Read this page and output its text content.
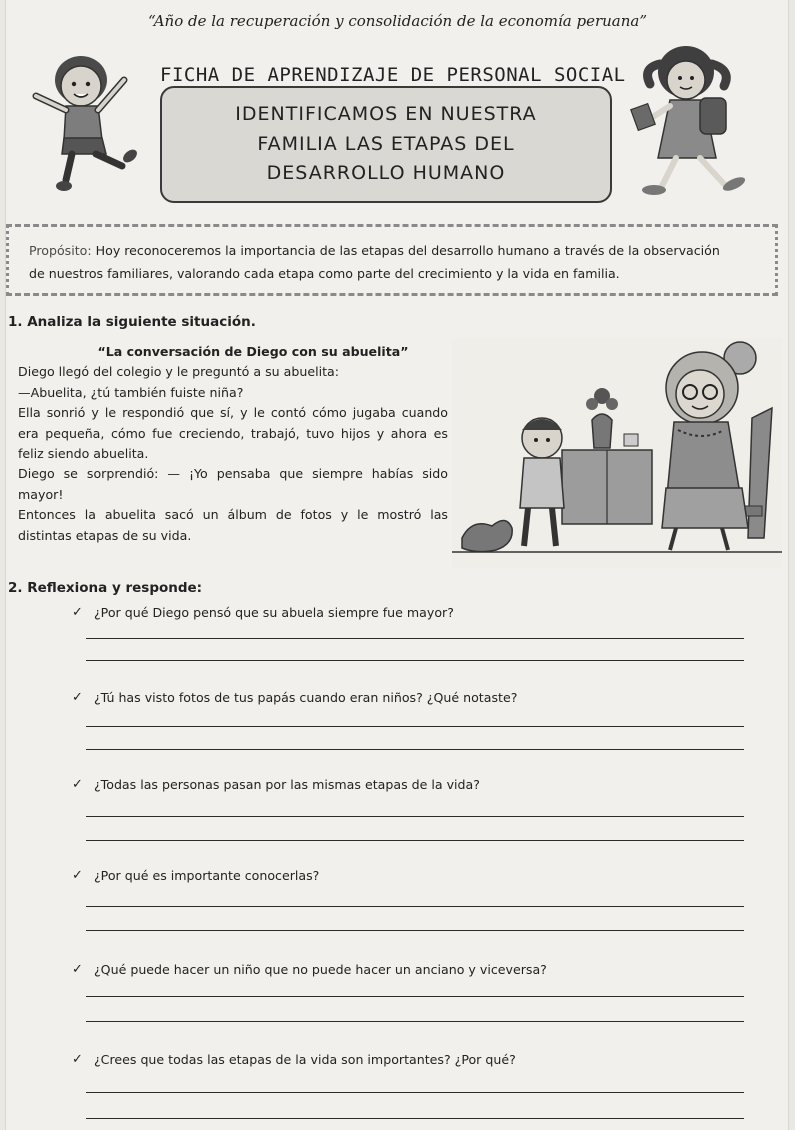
“Año de la recuperación y consolidación de la economía peruana”
FICHA DE APRENDIZAJE DE PERSONAL SOCIAL
IDENTIFICAMOS EN NUESTRA
FAMILIA LAS ETAPAS DEL
DESARROLLO HUMANO
Propósito: Hoy reconoceremos la importancia de las etapas del desarrollo humano a través de la observación
de nuestros familiares, valorando cada etapa como parte del crecimiento y la vida en familia.
1. Analiza la siguiente situación.
“La conversación de Diego con su abuelita”

Diego llegó del colegio y le preguntó a su abuelita:

—Abuelita, ¿tú también fuiste niña?

Ella sonrió y le respondió que sí, y le contó cómo jugaba cuando era pequeña, cómo fue creciendo, trabajó, tuvo hijos y ahora es feliz siendo abuelita.

Diego se sorprendió: — ¡Yo pensaba que siempre habías sido mayor!

Entonces la abuelita sacó un álbum de fotos y le mostró las distintas etapas de su vida.

2. Reflexiona y responde:
✓ ¿Por qué Diego pensó que su abuela siempre fue mayor?
✓ ¿Tú has visto fotos de tus papás cuando eran niños? ¿Qué notaste?
✓ ¿Todas las personas pasan por las mismas etapas de la vida?
✓ ¿Por qué es importante conocerlas?
✓ ¿Qué puede hacer un niño que no puede hacer un anciano y viceversa?
✓ ¿Crees que todas las etapas de la vida son importantes? ¿Por qué?
